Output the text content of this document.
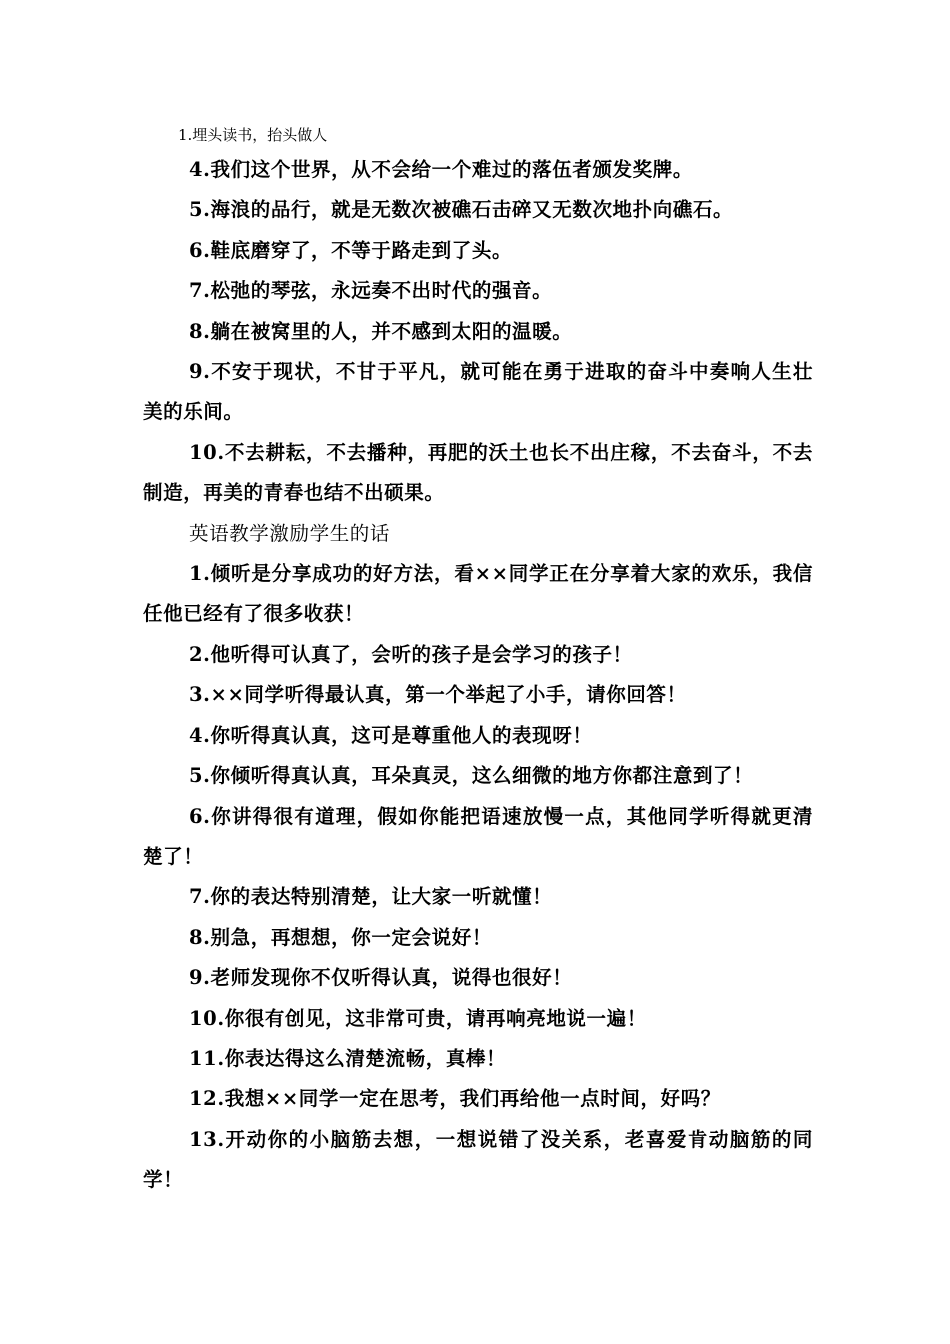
1.埋头读书，抬头做人

4.我们这个世界，从不会给一个难过的落伍者颁发奖牌。

5.海浪的品行，就是无数次被礁石击碎又无数次地扑向礁石。

6.鞋底磨穿了，不等于路走到了头。

7.松弛的琴弦，永远奏不出时代的强音。

8.躺在被窝里的人，并不感到太阳的温暖。

9.不安于现状，不甘于平凡，就可能在勇于进取的奋斗中奏响人生壮美的乐间。

10.不去耕耘，不去播种，再肥的沃土也长不出庄稼，不去奋斗，不去制造，再美的青春也结不出硕果。

英语教学激励学生的话

1.倾听是分享成功的好方法，看××同学正在分享着大家的欢乐，我信任他已经有了很多收获！

2.他听得可认真了，会听的孩子是会学习的孩子！

3.××同学听得最认真，第一个举起了小手，请你回答！

4.你听得真认真，这可是尊重他人的表现呀！

5.你倾听得真认真，耳朵真灵，这么细微的地方你都注意到了！

6.你讲得很有道理，假如你能把语速放慢一点，其他同学听得就更清楚了！

7.你的表达特别清楚，让大家一听就懂！

8.别急，再想想，你一定会说好！

9.老师发现你不仅听得认真，说得也很好！

10.你很有创见，这非常可贵，请再响亮地说一遍！

11.你表达得这么清楚流畅，真棒！

12.我想××同学一定在思考，我们再给他一点时间，好吗？

13.开动你的小脑筋去想，一想说错了没关系，老喜爱肯动脑筋的同学！
